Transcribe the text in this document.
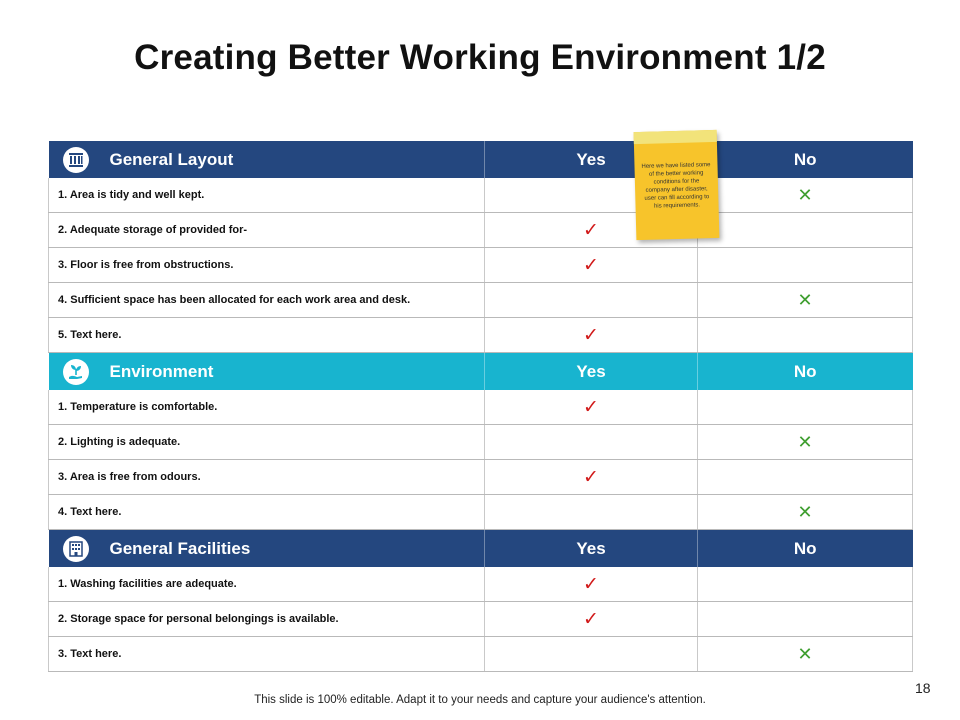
Creating Better Working Environment 1/2
General Layout	Yes	No
1. Area is tidy and well kept.		✕
2. Adequate storage of provided for-	✓	
3. Floor is free from obstructions.	✓	
4. Sufficient space has been allocated for each work area and desk.		✕
5. Text here.	✓	

Environment	Yes	No
1. Temperature is comfortable.	✓	
2. Lighting is adequate.		✕
3. Area is free from odours.	✓	
4. Text here.		✕

General Facilities	Yes	No
1. Washing facilities are adequate.	✓	
2. Storage space for personal belongings is available.	✓	
3. Text here.		✕
Here we have listed some of the better working conditions for the company after disaster, user can fill according to his requirements.
This slide is 100% editable. Adapt it to your needs and capture your audience's attention.
18
